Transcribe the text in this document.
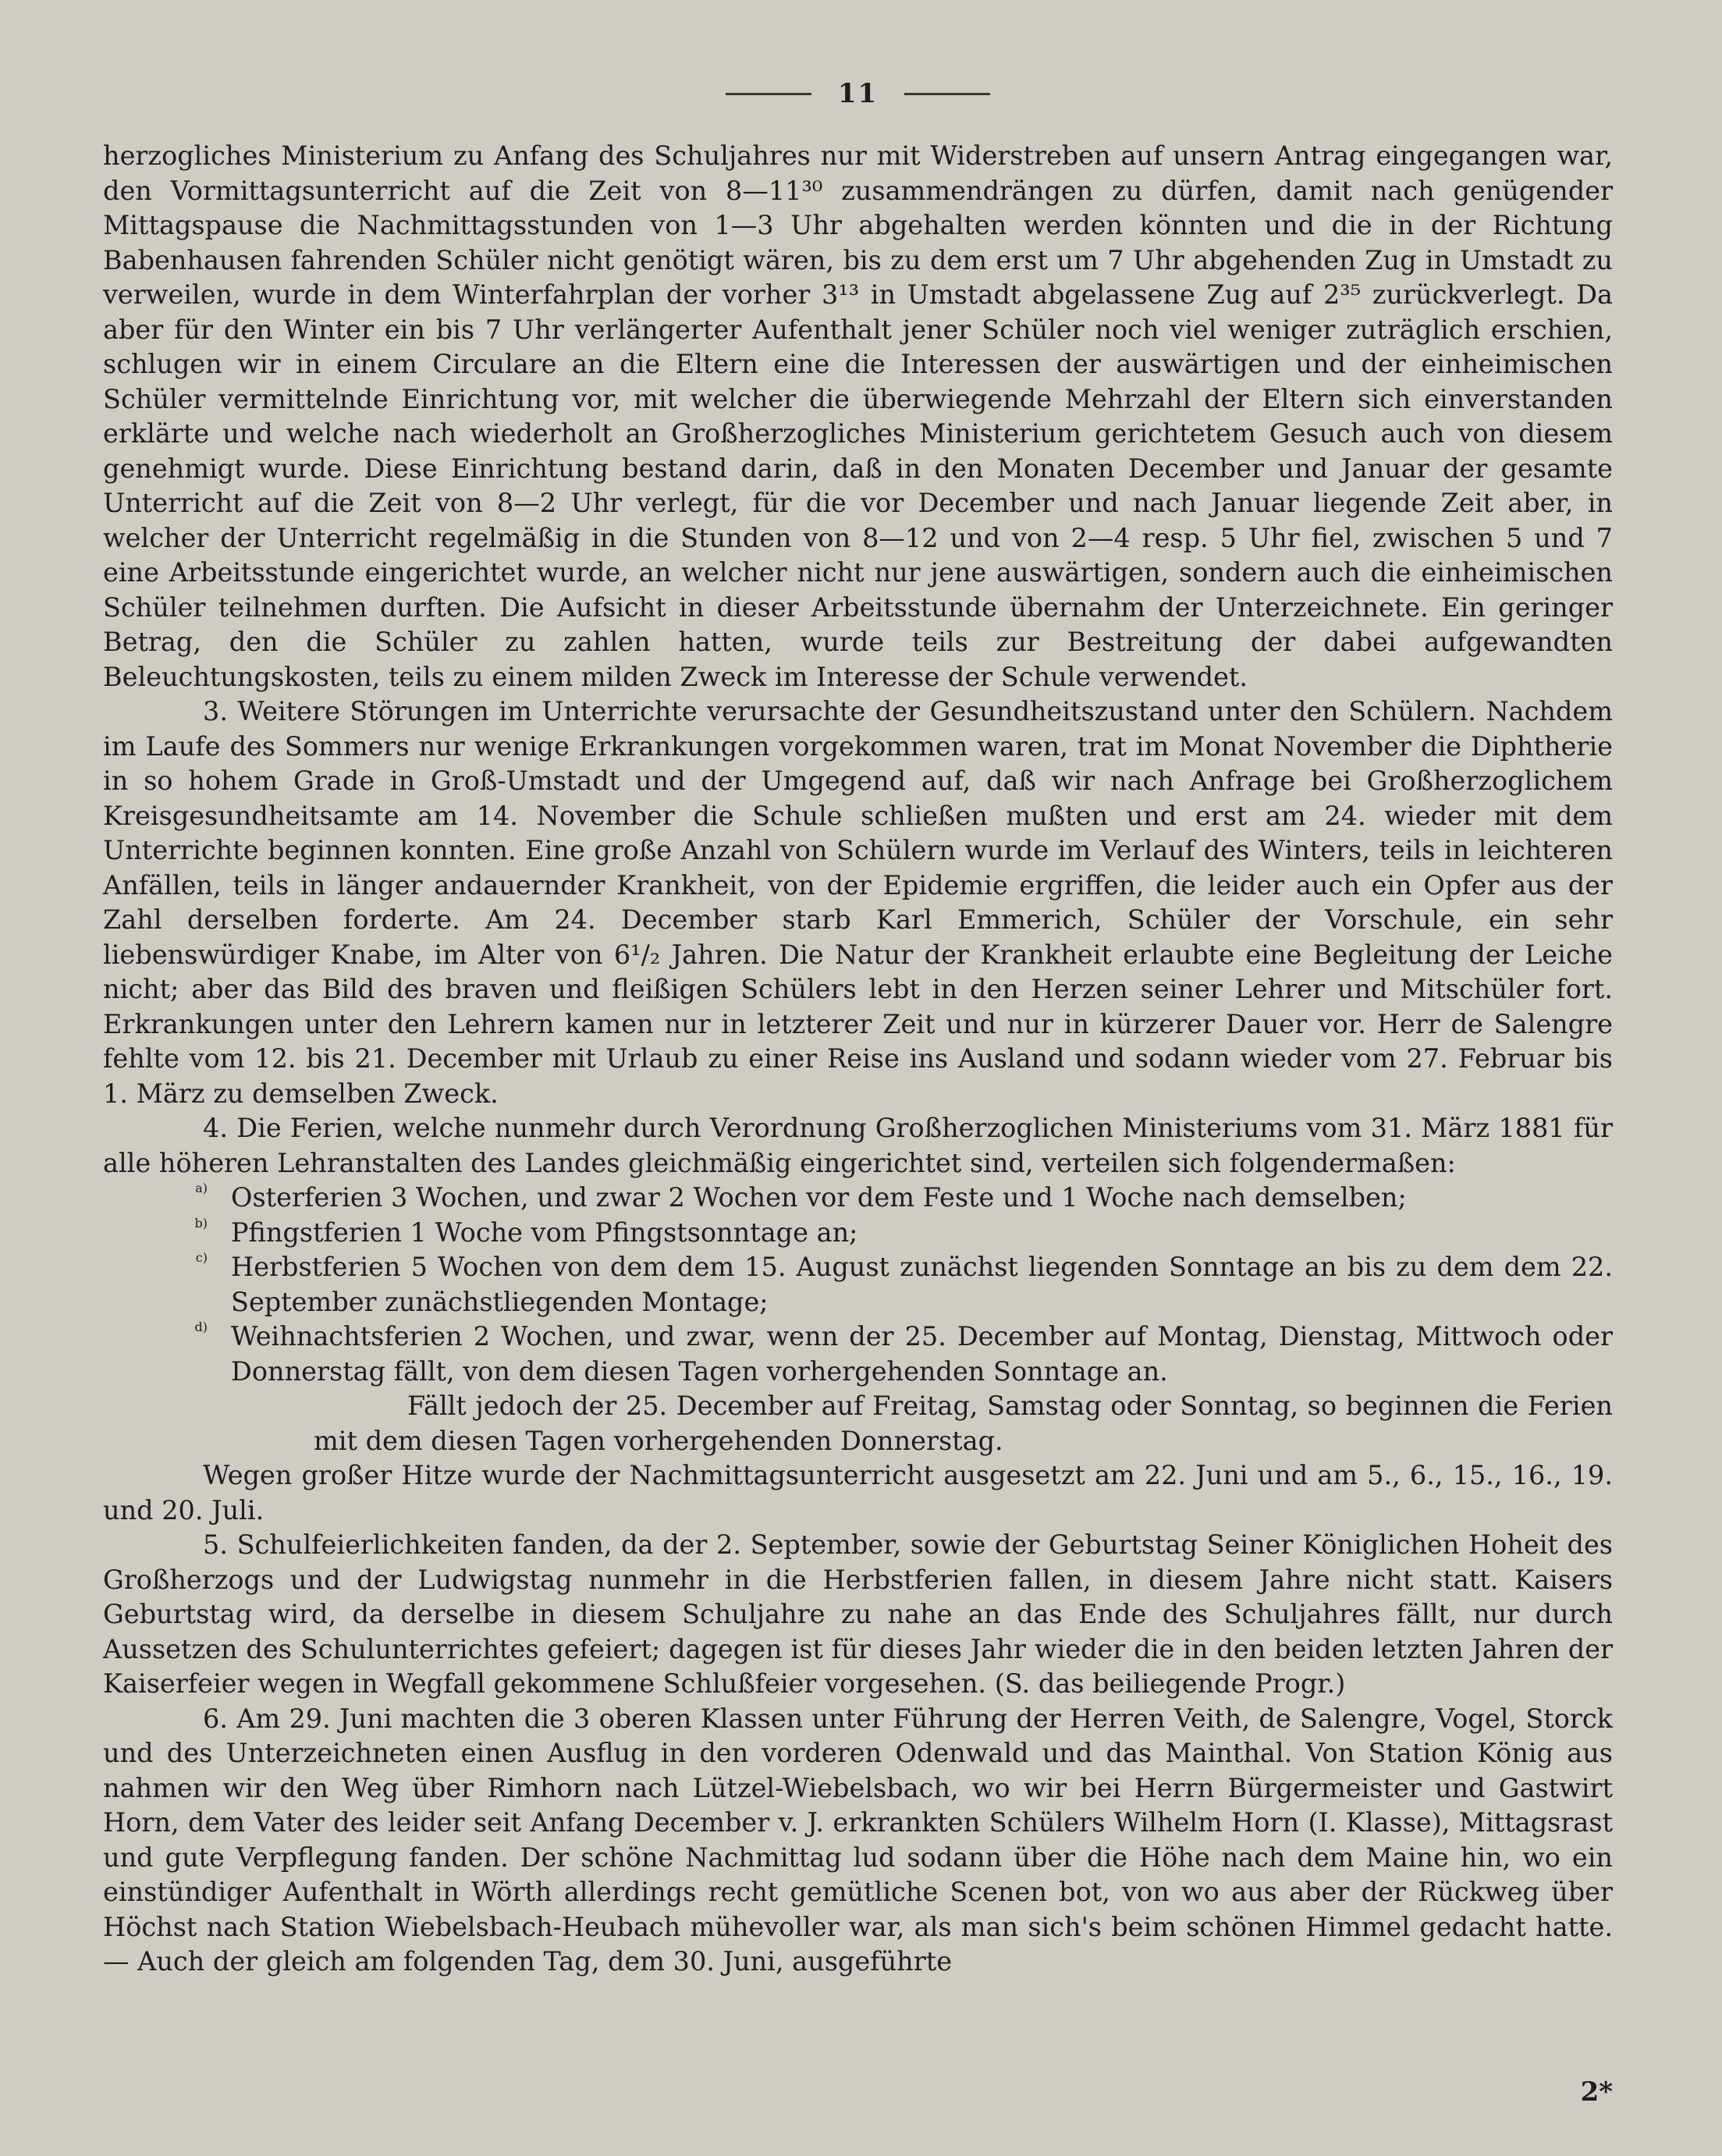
11

herzogliches Ministerium zu Anfang des Schuljahres nur mit Widerstreben auf unsern Antrag eingegangen war, den Vormittagsunterricht auf die Zeit von 8—11³⁰ zusammendrängen zu dürfen, damit nach genügender Mittagspause die Nachmittagsstunden von 1—3 Uhr abgehalten werden könnten und die in der Richtung Babenhausen fahrenden Schüler nicht genötigt wären, bis zu dem erst um 7 Uhr abgehenden Zug in Umstadt zu verweilen, wurde in dem Winterfahrplan der vorher 3¹³ in Umstadt abgelassene Zug auf 2³⁵ zurückverlegt. Da aber für den Winter ein bis 7 Uhr verlängerter Aufenthalt jener Schüler noch viel weniger zuträglich erschien, schlugen wir in einem Circulare an die Eltern eine die Interessen der auswärtigen und der einheimischen Schüler vermittelnde Einrichtung vor, mit welcher die überwiegende Mehrzahl der Eltern sich einverstanden erklärte und welche nach wiederholt an Großherzogliches Ministerium gerichtetem Gesuch auch von diesem genehmigt wurde. Diese Einrichtung bestand darin, daß in den Monaten December und Januar der gesamte Unterricht auf die Zeit von 8—2 Uhr verlegt, für die vor December und nach Januar liegende Zeit aber, in welcher der Unterricht regelmäßig in die Stunden von 8—12 und von 2—4 resp. 5 Uhr fiel, zwischen 5 und 7 eine Arbeitsstunde eingerichtet wurde, an welcher nicht nur jene auswärtigen, sondern auch die einheimischen Schüler teilnehmen durften. Die Aufsicht in dieser Arbeitsstunde übernahm der Unterzeichnete. Ein geringer Betrag, den die Schüler zu zahlen hatten, wurde teils zur Bestreitung der dabei aufgewandten Beleuchtungskosten, teils zu einem milden Zweck im Interesse der Schule verwendet.

3. Weitere Störungen im Unterrichte verursachte der Gesundheitszustand unter den Schülern. Nachdem im Laufe des Sommers nur wenige Erkrankungen vorgekommen waren, trat im Monat November die Diphtherie in so hohem Grade in Groß-Umstadt und der Umgegend auf, daß wir nach Anfrage bei Großherzoglichem Kreisgesundheitsamte am 14. November die Schule schließen mußten und erst am 24. wieder mit dem Unterrichte beginnen konnten. Eine große Anzahl von Schülern wurde im Verlauf des Winters, teils in leichteren Anfällen, teils in länger andauernder Krankheit, von der Epidemie ergriffen, die leider auch ein Opfer aus der Zahl derselben forderte. Am 24. December starb Karl Emmerich, Schüler der Vorschule, ein sehr liebenswürdiger Knabe, im Alter von 6¹/₂ Jahren. Die Natur der Krankheit erlaubte eine Begleitung der Leiche nicht; aber das Bild des braven und fleißigen Schülers lebt in den Herzen seiner Lehrer und Mitschüler fort. Erkrankungen unter den Lehrern kamen nur in letzterer Zeit und nur in kürzerer Dauer vor. Herr de Salengre fehlte vom 12. bis 21. December mit Urlaub zu einer Reise ins Ausland und sodann wieder vom 27. Februar bis 1. März zu demselben Zweck.

4. Die Ferien, welche nunmehr durch Verordnung Großherzoglichen Ministeriums vom 31. März 1881 für alle höheren Lehranstalten des Landes gleichmäßig eingerichtet sind, verteilen sich folgendermaßen:

a) Osterferien 3 Wochen, und zwar 2 Wochen vor dem Feste und 1 Woche nach demselben;

b) Pfingstferien 1 Woche vom Pfingstsonntage an;

c) Herbstferien 5 Wochen von dem dem 15. August zunächst liegenden Sonntage an bis zu dem dem 22. September zunächstliegenden Montage;

d) Weihnachtsferien 2 Wochen, und zwar, wenn der 25. December auf Montag, Dienstag, Mittwoch oder Donnerstag fällt, von dem diesen Tagen vorhergehenden Sonntage an.

Fällt jedoch der 25. December auf Freitag, Samstag oder Sonntag, so beginnen die Ferien mit dem diesen Tagen vorhergehenden Donnerstag.

Wegen großer Hitze wurde der Nachmittagsunterricht ausgesetzt am 22. Juni und am 5., 6., 15., 16., 19. und 20. Juli.

5. Schulfeierlichkeiten fanden, da der 2. September, sowie der Geburtstag Seiner Königlichen Hoheit des Großherzogs und der Ludwigstag nunmehr in die Herbstferien fallen, in diesem Jahre nicht statt. Kaisers Geburtstag wird, da derselbe in diesem Schuljahre zu nahe an das Ende des Schuljahres fällt, nur durch Aussetzen des Schulunterrichtes gefeiert; dagegen ist für dieses Jahr wieder die in den beiden letzten Jahren der Kaiserfeier wegen in Wegfall gekommene Schlußfeier vorgesehen. (S. das beiliegende Progr.)

6. Am 29. Juni machten die 3 oberen Klassen unter Führung der Herren Veith, de Salengre, Vogel, Storck und des Unterzeichneten einen Ausflug in den vorderen Odenwald und das Mainthal. Von Station König aus nahmen wir den Weg über Rimhorn nach Lützel-Wiebelsbach, wo wir bei Herrn Bürgermeister und Gastwirt Horn, dem Vater des leider seit Anfang December v. J. erkrankten Schülers Wilhelm Horn (I. Klasse), Mittagsrast und gute Verpflegung fanden. Der schöne Nachmittag lud sodann über die Höhe nach dem Maine hin, wo ein einstündiger Aufenthalt in Wörth allerdings recht gemütliche Scenen bot, von wo aus aber der Rückweg über Höchst nach Station Wiebelsbach-Heubach mühevoller war, als man sich's beim schönen Himmel gedacht hatte. — Auch der gleich am folgenden Tag, dem 30. Juni, ausgeführte

2*
